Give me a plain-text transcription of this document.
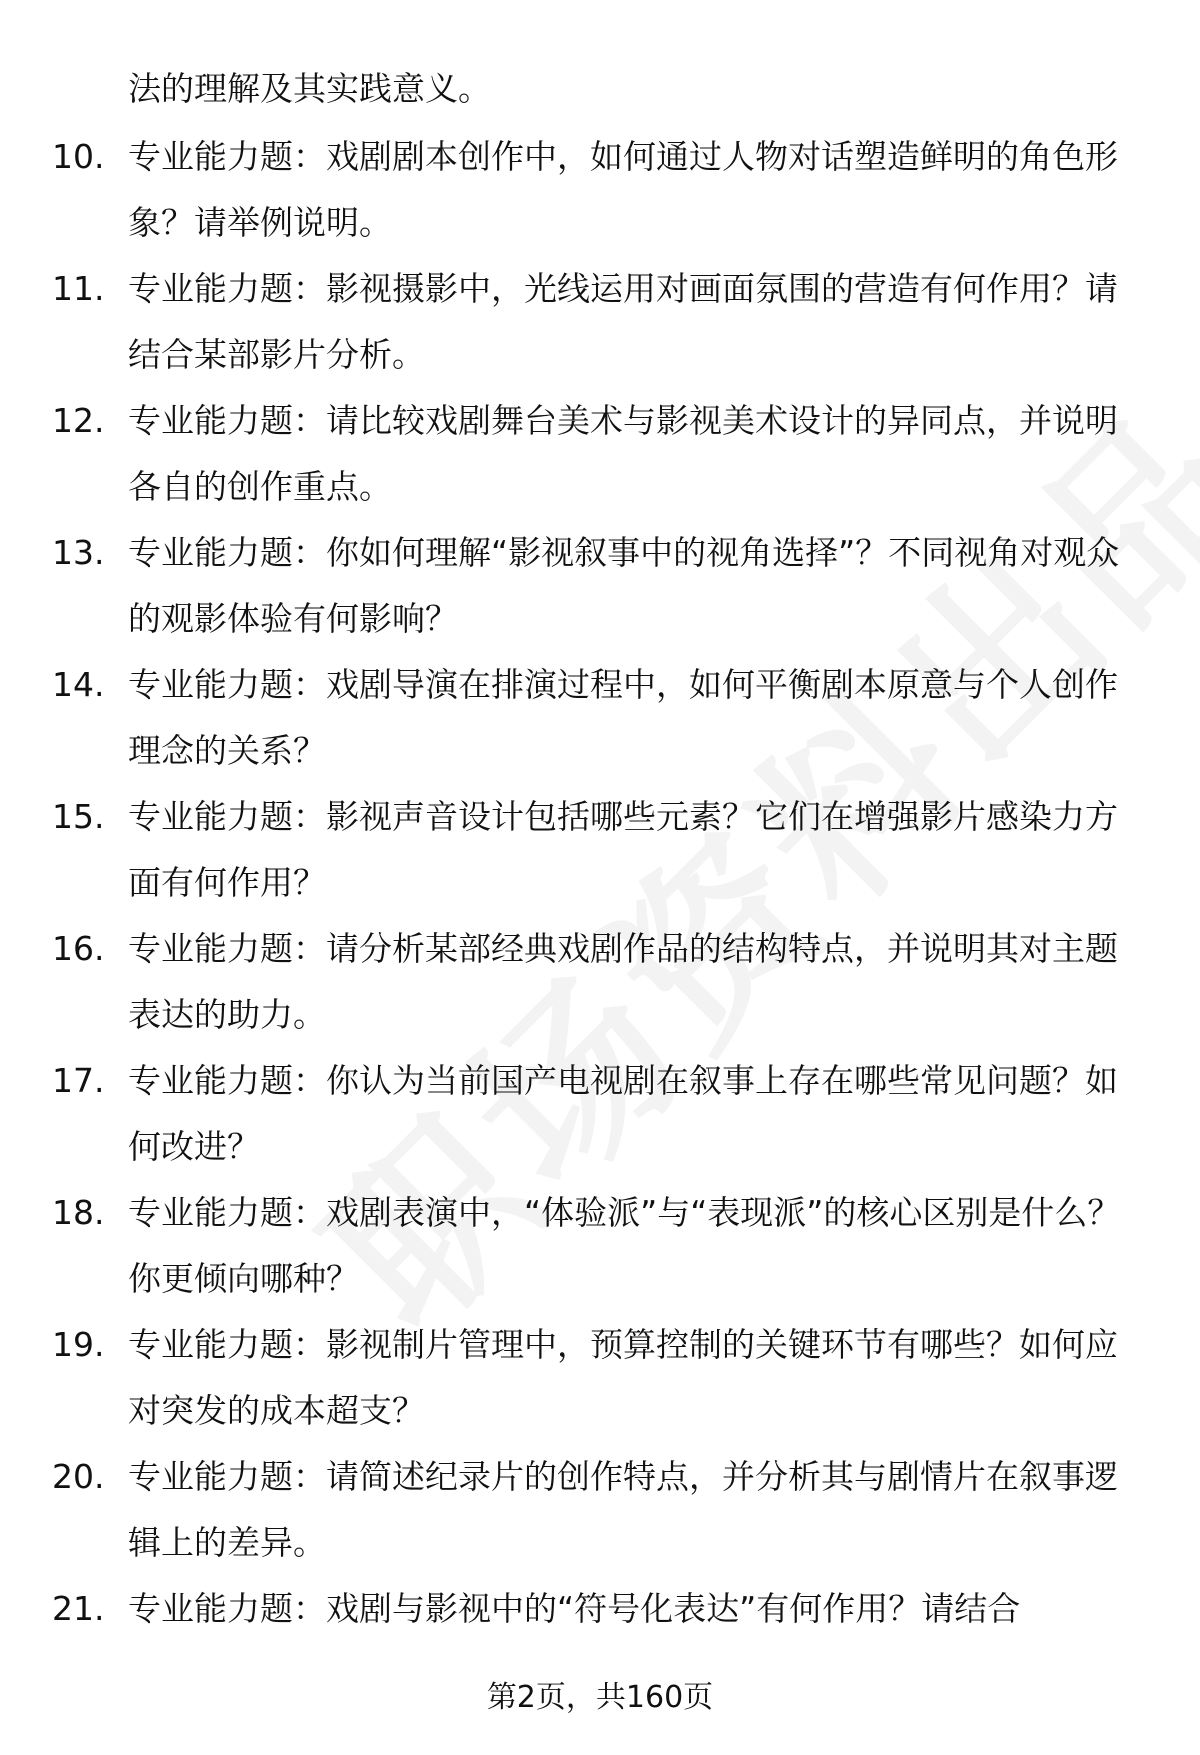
法的理解及其实践意义。
10. 专业能力题：戏剧剧本创作中，如何通过人物对话塑造鲜明的角色形象？请举例说明。
11. 专业能力题：影视摄影中，光线运用对画面氛围的营造有何作用？请结合某部影片分析。
12. 专业能力题：请比较戏剧舞台美术与影视美术设计的异同点，并说明各自的创作重点。
13. 专业能力题：你如何理解“影视叙事中的视角选择”？不同视角对观众的观影体验有何影响？
14. 专业能力题：戏剧导演在排演过程中，如何平衡剧本原意与个人创作理念的关系？
15. 专业能力题：影视声音设计包括哪些元素？它们在增强影片感染力方面有何作用？
16. 专业能力题：请分析某部经典戏剧作品的结构特点，并说明其对主题表达的助力。
17. 专业能力题：你认为当前国产电视剧在叙事上存在哪些常见问题？如何改进？
18. 专业能力题：戏剧表演中，“体验派”与“表现派”的核心区别是什么？你更倾向哪种？
19. 专业能力题：影视制片管理中，预算控制的关键环节有哪些？如何应对突发的成本超支？
20. 专业能力题：请简述纪录片的创作特点，并分析其与剧情片在叙事逻辑上的差异。
21. 专业能力题：戏剧与影视中的“符号化表达”有何作用？请结合
第2页，共160页
